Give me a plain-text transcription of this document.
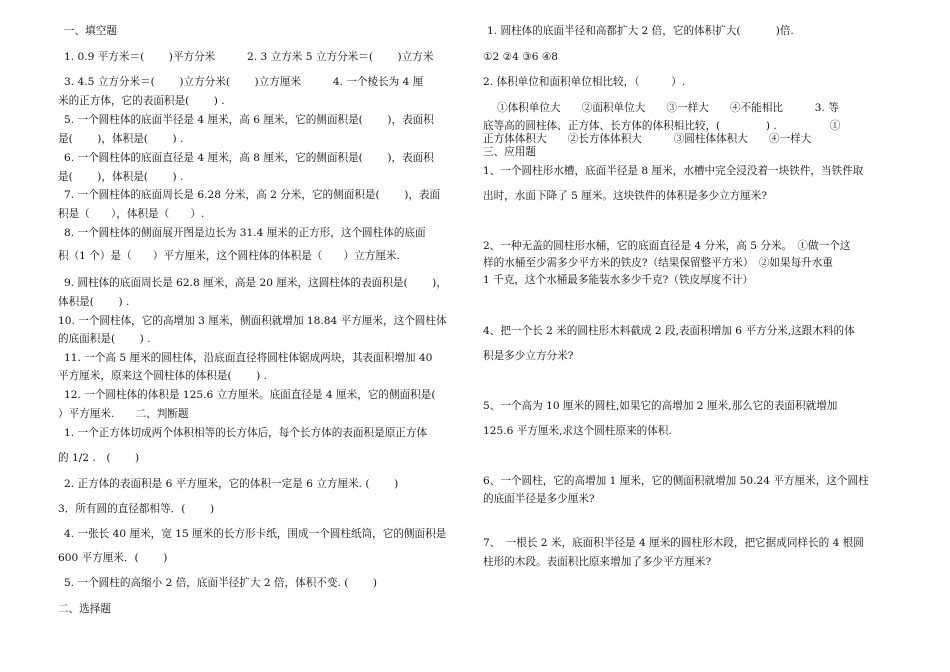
一、填空题
1. 0.9 平方米＝(　　 )平方分米　　　2. 3 立方米 5 立方分米＝(　　 )立方米
3. 4.5 立方分米＝(　　 )立方分米(　　 )立方厘米　　　4. 一个棱长为 4 厘
米的正方体，它的表面积是(　　 ) .
5. 一个圆柱体的底面半径是 4 厘米，高 6 厘米，它的侧面积是(　　 )，表面积
是(　　 )，体积是(　　 ) .
6. 一个圆柱体的底面直径是 4 厘米，高 8 厘米，它的侧面积是(　　 )，表面积
是(　　 )，体积是(　　 ) .
7. 一个圆柱体的底面周长是 6.28 分米，高 2 分米，它的侧面积是(　　 )，表面
积是（　　），体积是（　　）.
8. 一个圆柱体的侧面展开图是边长为 31.4 厘米的正方形，这个圆柱体的底面
积（1 个）是（　　）平方厘米，这个圆柱体的体积是（　　）立方厘米.
9. 圆柱体的底面周长是 62.8 厘米，高是 20 厘米，这圆柱体的表面积是(　　 )，
体积是(　　 ) .
10. 一个圆柱体，它的高增加 3 厘米，侧面积就增加 18.84 平方厘米，这个圆柱体
的底面积是(　　 ) .
11. 一个高 5 厘米的圆柱体，沿底面直径将圆柱体锯成两块，其表面积增加 40
平方厘米，原来这个圆柱体的体积是(　　 ) .
12. 一个圆柱体的体积是 125.6 立方厘米。底面直径是 4 厘米，它的侧面积是(
）平方厘米.　　二、判断题
1. 一个正方体切成两个体积相等的长方体后，每个长方体的表面积是原正方体
的 1/2 .　(　　 )
2. 正方体的表面积是 6 平方厘米，它的体积一定是 6 立方厘米. (　　 )
3．所有圆的直径都相等．(　　 )
4. 一张长 40 厘米，宽 15 厘米的长方形卡纸，围成一个圆柱纸筒，它的侧面积是
600 平方厘米．(　　 )
5. 一个圆柱的高缩小 2 倍，底面半径扩大 2 倍，体积不变. (　　 )
二、选择题
1. 圆柱体的底面半径和高都扩大 2 倍，它的体积扩大(　　　 )倍.
①2 ②4 ③6 ④8
2. 体积单位和面积单位相比较，（　　　）.
①体积单位大　　②面积单位大　　③一样大　　④不能相比　　　3. 等
底等高的圆柱体、正方体、长方体的体积相比较，(　　　　 ) .　　　　　①
正方体体积大　　②长方体体积大　　　③圆柱体体积大　　④一样大
三、应用题
1、一个圆柱形水槽，底面半径是 8 厘米，水槽中完全浸没着一块铁件，当铁件取
出时，水面下降了 5 厘米。这块铁件的体积是多少立方厘米?
2、一种无盖的圆柱形水桶，它的底面直径是 4 分米，高 5 分米。　①做一个这
样的水桶至少需多少平方米的铁皮?（结果保留整平方米）　②如果每升水重
1 千克，这个水桶最多能装水多少千克?（铁皮厚度不计）
4、把一个长 2 米的圆柱形木料截成 2 段,表面积增加 6 平方分米,这跟木料的体
积是多少立方分米?
5、一个高为 10 厘米的圆柱,如果它的高增加 2 厘米,那么它的表面积就增加
125.6 平方厘米,求这个圆柱原来的体积.
6、一个圆柱，它的高增加 1 厘米，它的侧面积就增加 50.24 平方厘米，这个圆柱
的底面半径是多少厘米?
7、　一根长 2 米，底面积半径是 4 厘米的圆柱形木段，把它据成同样长的 4 根圆
柱形的木段。表面积比原来增加了多少平方厘米?
